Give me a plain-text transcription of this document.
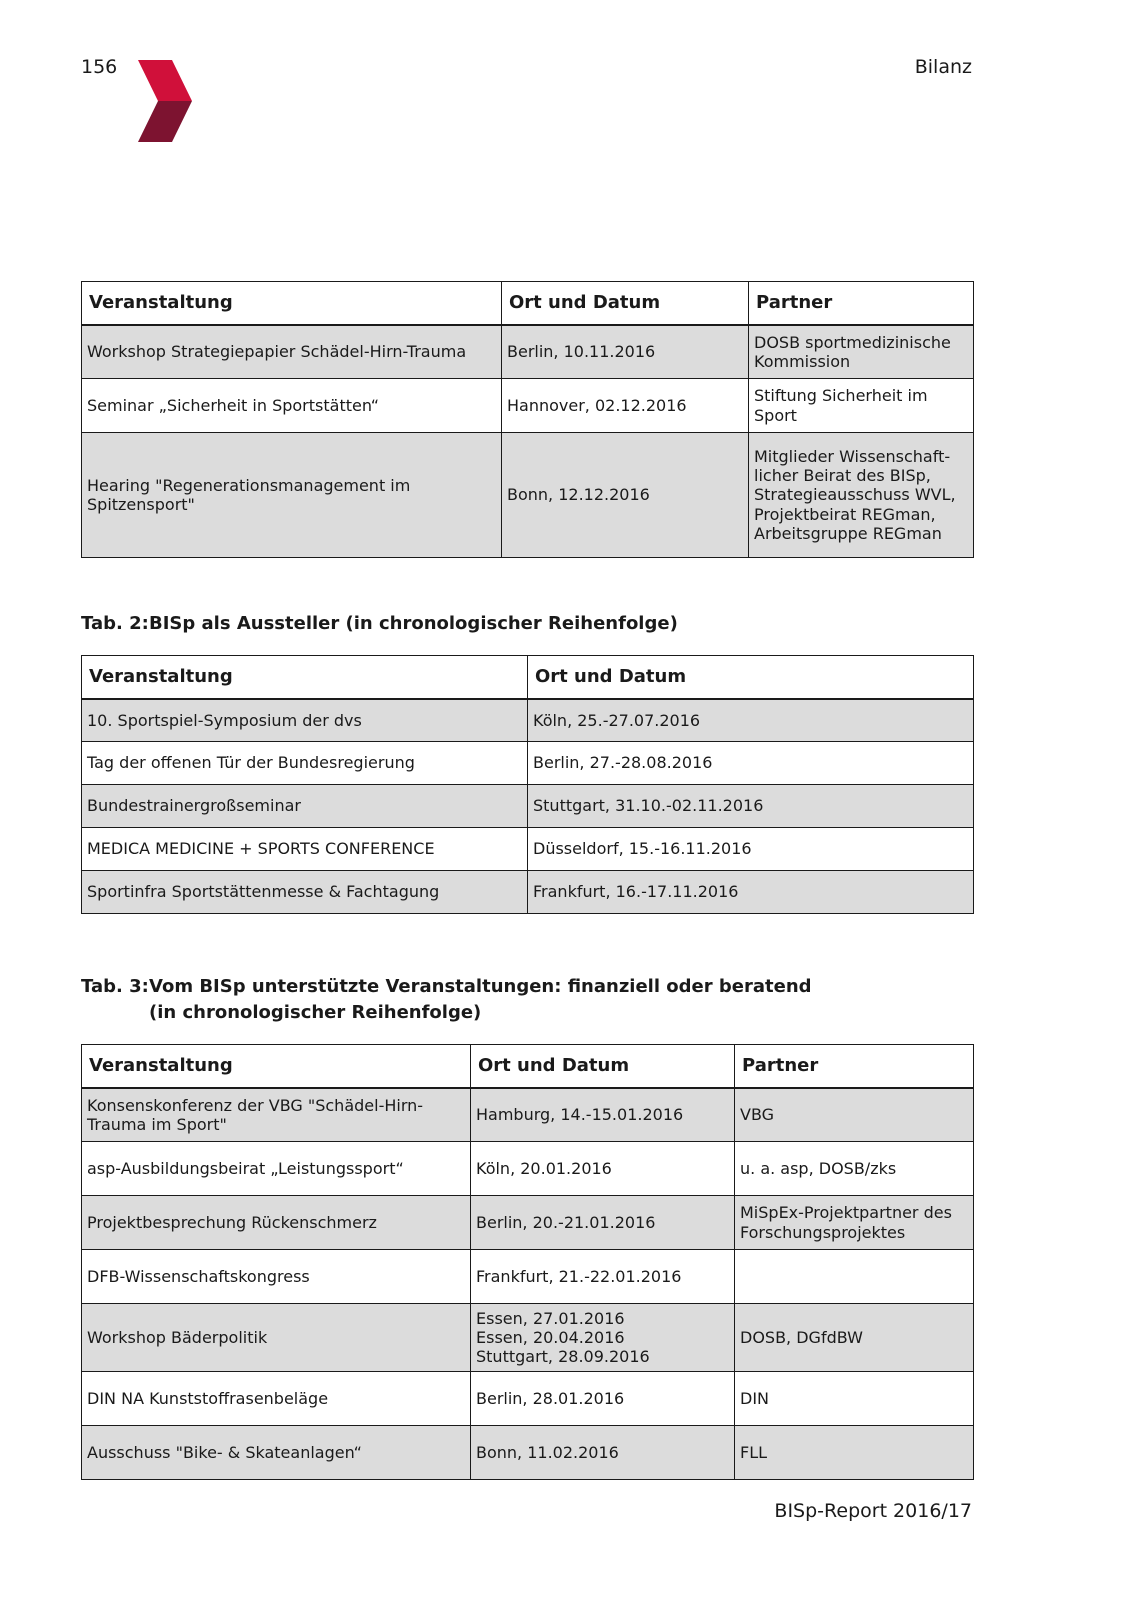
156	Bilanz
Veranstaltung	Ort und Datum	Partner
Workshop Strategiepapier Schädel-Hirn-Trauma	Berlin, 10.11.2016	DOSB sportmedizinische
Kommission
Seminar „Sicherheit in Sportstätten“	Hannover, 02.12.2016	Stiftung Sicherheit im Sport
Hearing "Regenerationsmanagement im
Spitzensport"	Bonn, 12.12.2016	Mitglieder Wissenschaft-
licher Beirat des BISp,
Strategieausschuss WVL,
Projektbeirat REGman,
Arbeitsgruppe REGman
Tab. 2:BISp als Aussteller (in chronologischer Reihenfolge)
Veranstaltung	Ort und Datum
10. Sportspiel-Symposium der dvs	Köln, 25.-27.07.2016
Tag der offenen Tür der Bundesregierung	Berlin, 27.-28.08.2016
Bundestrainergroßseminar	Stuttgart, 31.10.-02.11.2016
MEDICA MEDICINE + SPORTS CONFERENCE	Düsseldorf, 15.-16.11.2016
Sportinfra Sportstättenmesse & Fachtagung	Frankfurt, 16.-17.11.2016
Tab. 3:Vom BISp unterstützte Veranstaltungen: finanziell oder beratend
(in chronologischer Reihenfolge)
Veranstaltung	Ort und Datum	Partner
Konsenskonferenz der VBG "Schädel-Hirn-
Trauma im Sport"	Hamburg, 14.-15.01.2016	VBG
asp-Ausbildungsbeirat „Leistungssport“	Köln, 20.01.2016	u. a. asp, DOSB/zks
Projektbesprechung Rückenschmerz	Berlin, 20.-21.01.2016	MiSpEx-Projektpartner des
Forschungsprojektes
DFB-Wissenschaftskongress	Frankfurt, 21.-22.01.2016	
Workshop Bäderpolitik	Essen, 27.01.2016
Essen, 20.04.2016
Stuttgart, 28.09.2016	DOSB, DGfdBW
DIN NA Kunststoffrasenbeläge	Berlin, 28.01.2016	DIN
Ausschuss "Bike- & Skateanlagen“	Bonn, 11.02.2016	FLL
BISp-Report 2016/17
